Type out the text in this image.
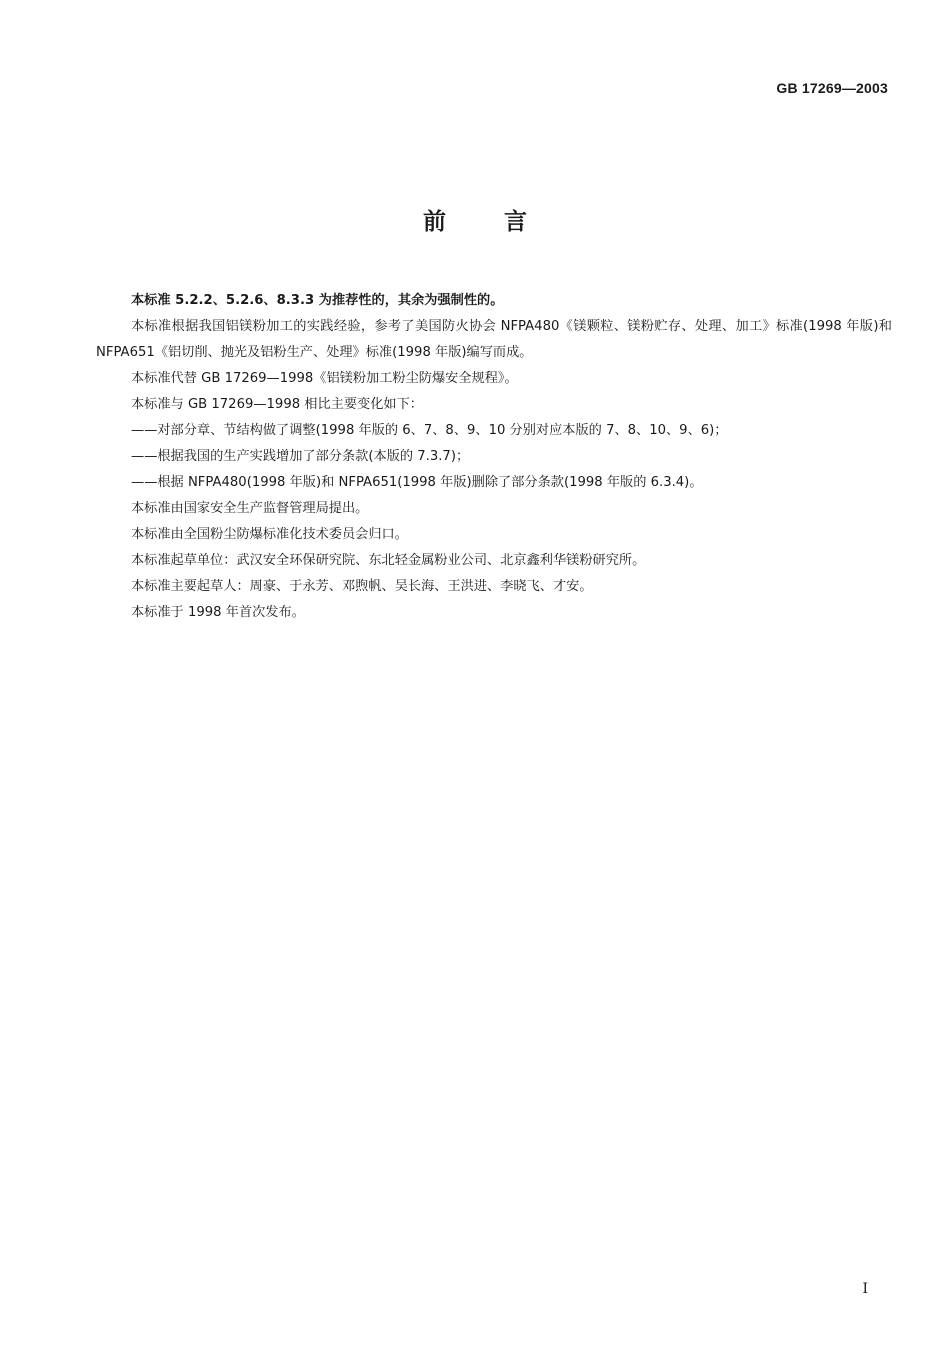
GB 17269—2003
前言

本标准 5.2.2、5.2.6、8.3.3 为推荐性的，其余为强制性的。

本标准根据我国铝镁粉加工的实践经验，参考了美国防火协会 NFPA480《镁颗粒、镁粉贮存、处理、加工》标准(1998 年版)和 NFPA651《铝切削、抛光及铝粉生产、处理》标准(1998 年版)编写而成。

本标准代替 GB 17269—1998《铝镁粉加工粉尘防爆安全规程》。

本标准与 GB 17269—1998 相比主要变化如下：

——对部分章、节结构做了调整(1998 年版的 6、7、8、9、10 分别对应本版的 7、8、10、9、6)；

——根据我国的生产实践增加了部分条款(本版的 7.3.7)；

——根据 NFPA480(1998 年版)和 NFPA651(1998 年版)删除了部分条款(1998 年版的 6.3.4)。

本标准由国家安全生产监督管理局提出。

本标准由全国粉尘防爆标准化技术委员会归口。

本标准起草单位：武汉安全环保研究院、东北轻金属粉业公司、北京鑫利华镁粉研究所。

本标准主要起草人：周豪、于永芳、邓煦帆、吴长海、王洪进、李晓飞、才安。

本标准于 1998 年首次发布。

I
